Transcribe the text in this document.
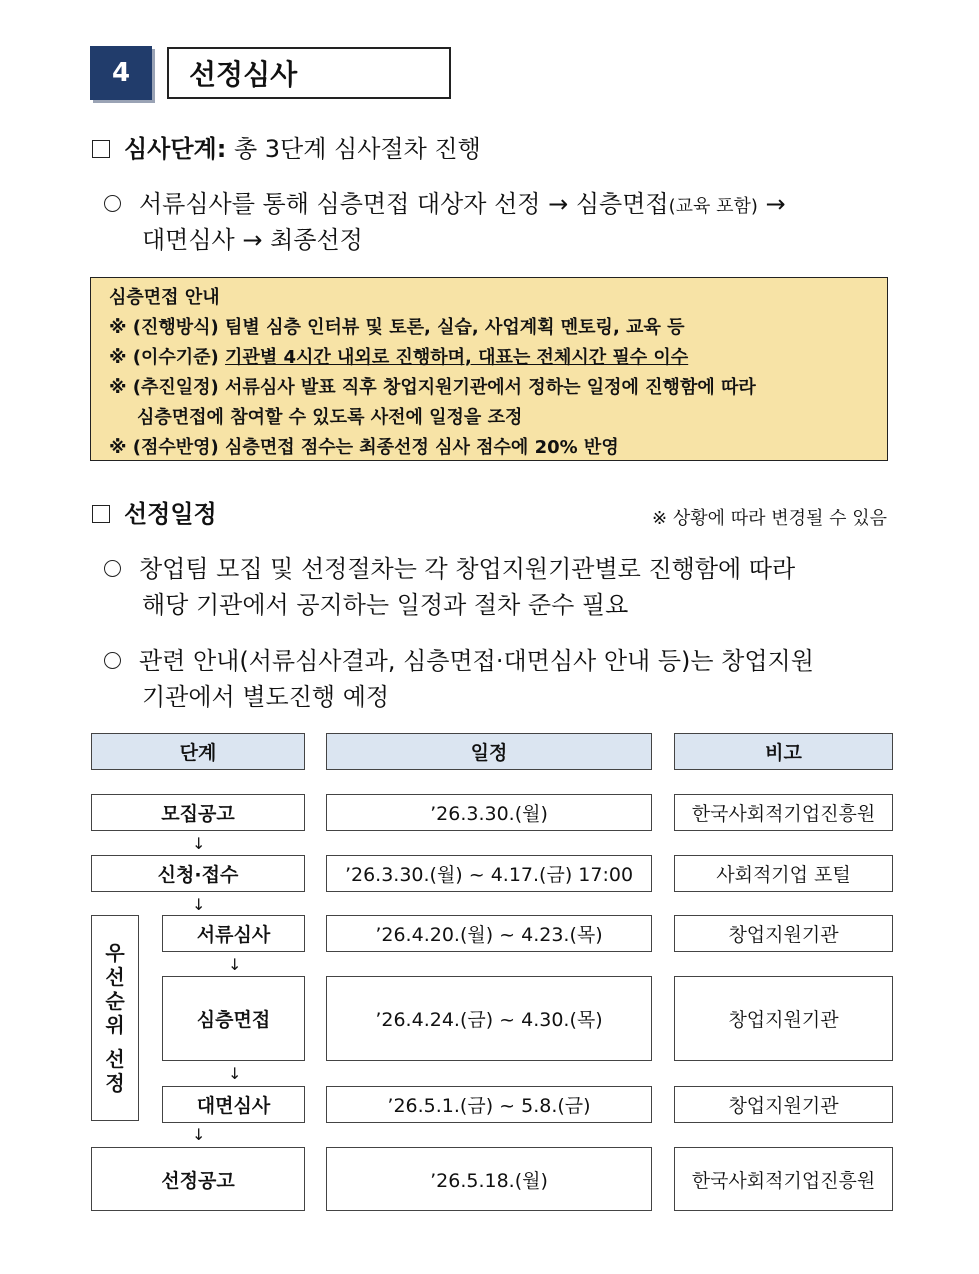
4	선정심사
심사단계: 총 3단계 심사절차 진행
서류심사를 통해 심층면접 대상자 선정 → 심층면접(교육 포함) →
대면심사 → 최종선정
심층면접 안내
※ (진행방식) 팀별 심층 인터뷰 및 토론, 실습, 사업계획 멘토링, 교육 등
※ (이수기준) 기관별 4시간 내외로 진행하며, 대표는 전체시간 필수 이수
※ (추진일정) 서류심사 발표 직후 창업지원기관에서 정하는 일정에 진행함에 따라
심층면접에 참여할 수 있도록 사전에 일정을 조정
※ (점수반영) 심층면접 점수는 최종선정 심사 점수에 20% 반영
선정일정	※ 상황에 따라 변경될 수 있음
창업팀 모집 및 선정절차는 각 창업지원기관별로 진행함에 따라
해당 기관에서 공지하는 일정과 절차 준수 필요
관련 안내(서류심사결과, 심층면접·대면심사 안내 등)는 창업지원
기관에서 별도진행 예정
단계	일정	비고
모집공고	’26.3.30.(월)	한국사회적기업진흥원
↓
신청·접수	’26.3.30.(월) ~ 4.17.(금) 17:00	사회적기업 포털
↓
우
선
순
위
선
정
서류심사	’26.4.20.(월) ~ 4.23.(목)	창업지원기관
↓
심층면접	’26.4.24.(금) ~ 4.30.(목)	창업지원기관
↓
대면심사	’26.5.1.(금) ~ 5.8.(금)	창업지원기관
↓
선정공고	’26.5.18.(월)	한국사회적기업진흥원
